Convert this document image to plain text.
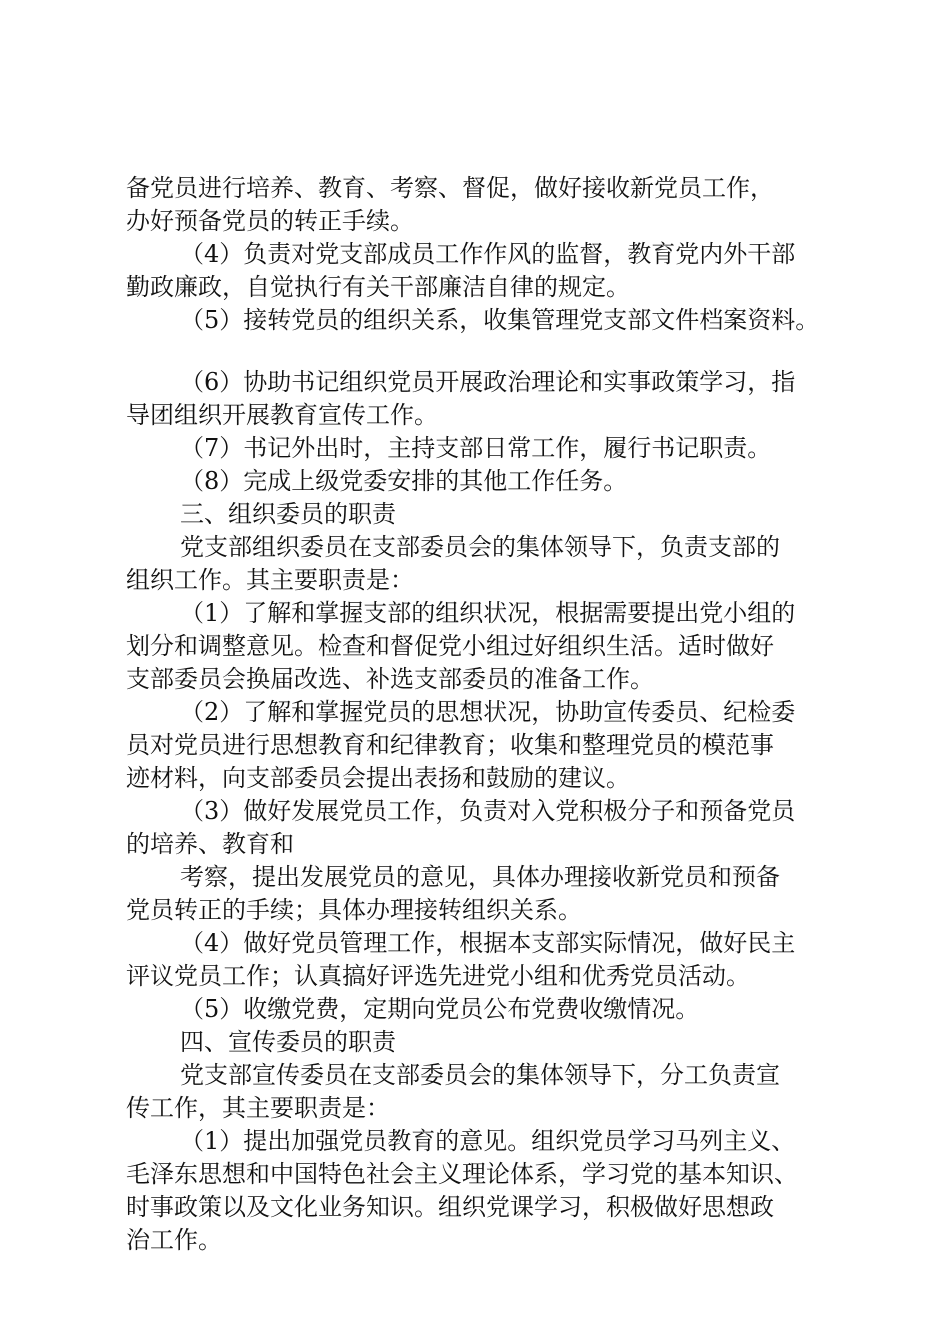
备党员进行培养、教育、考察、督促，做好接收新党员工作，
办好预备党员的转正手续。
（4）负责对党支部成员工作作风的监督，教育党内外干部
勤政廉政，自觉执行有关干部廉洁自律的规定。
（5）接转党员的组织关系，收集管理党支部文件档案资料。
（6）协助书记组织党员开展政治理论和实事政策学习，指
导团组织开展教育宣传工作。
（7）书记外出时，主持支部日常工作，履行书记职责。
（8）完成上级党委安排的其他工作任务。
三、组织委员的职责
党支部组织委员在支部委员会的集体领导下，负责支部的
组织工作。其主要职责是：
（1）了解和掌握支部的组织状况，根据需要提出党小组的
划分和调整意见。检查和督促党小组过好组织生活。适时做好
支部委员会换届改选、补选支部委员的准备工作。
（2）了解和掌握党员的思想状况，协助宣传委员、纪检委
员对党员进行思想教育和纪律教育；收集和整理党员的模范事
迹材料，向支部委员会提出表扬和鼓励的建议。
（3）做好发展党员工作，负责对入党积极分子和预备党员
的培养、教育和
考察，提出发展党员的意见，具体办理接收新党员和预备
党员转正的手续；具体办理接转组织关系。
（4）做好党员管理工作，根据本支部实际情况，做好民主
评议党员工作；认真搞好评选先进党小组和优秀党员活动。
（5）收缴党费，定期向党员公布党费收缴情况。
四、宣传委员的职责
党支部宣传委员在支部委员会的集体领导下，分工负责宣
传工作，其主要职责是：
（1）提出加强党员教育的意见。组织党员学习马列主义、
毛泽东思想和中国特色社会主义理论体系，学习党的基本知识、
时事政策以及文化业务知识。组织党课学习，积极做好思想政
治工作。
